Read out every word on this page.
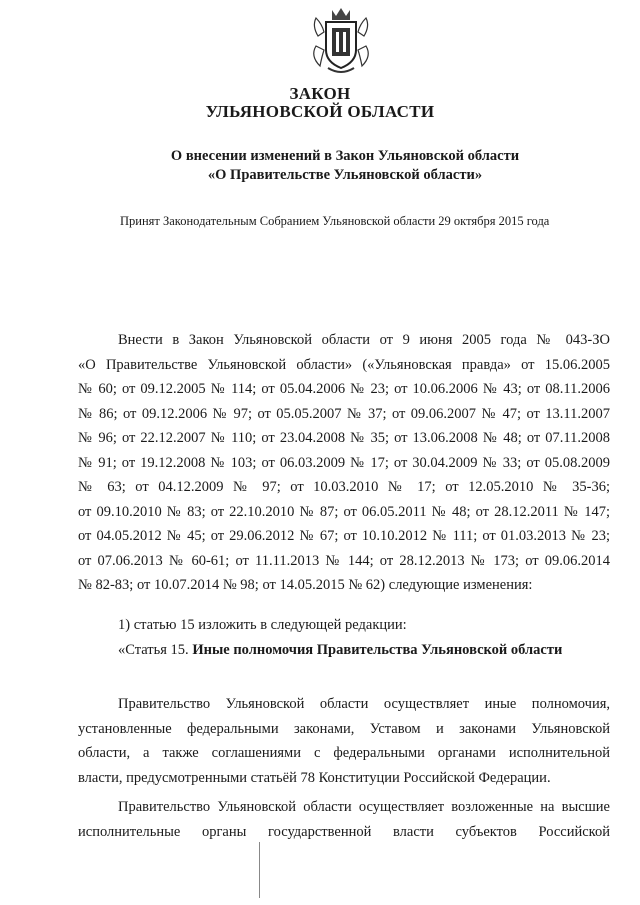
ЗАКОН
УЛЬЯНОВСКОЙ ОБЛАСТИ
О внесении изменений в Закон Ульяновской области
«О Правительстве Ульяновской области»
Принят Законодательным Собранием Ульяновской области 29 октября 2015 года
Внести в Закон Ульяновской области от 9 июня 2005 года № 043-ЗО
«О Правительстве Ульяновской области» («Ульяновская правда» от 15.06.2005
№ 60; от 09.12.2005 № 114; от 05.04.2006 № 23; от 10.06.2006 № 43; от 08.11.2006
№ 86; от 09.12.2006 № 97; от 05.05.2007 № 37; от 09.06.2007 № 47; от 13.11.2007
№ 96; от 22.12.2007 № 110; от 23.04.2008 № 35; от 13.06.2008 № 48; от 07.11.2008
№ 91; от 19.12.2008 № 103; от 06.03.2009 № 17; от 30.04.2009 № 33; от 05.08.2009
№ 63; от 04.12.2009 № 97; от 10.03.2010 № 17; от 12.05.2010 № 35-36;
от 09.10.2010 № 83; от 22.10.2010 № 87; от 06.05.2011 № 48; от 28.12.2011 № 147;
от 04.05.2012 № 45; от 29.06.2012 № 67; от 10.10.2012 № 111; от 01.03.2013 № 23;
от 07.06.2013 № 60-61; от 11.11.2013 № 144; от 28.12.2013 № 173; от 09.06.2014
№ 82-83; от 10.07.2014 № 98; от 14.05.2015 № 62) следующие изменения:
1) статью 15 изложить в следующей редакции:
«Статья 15. Иные полномочия Правительства Ульяновской области
Правительство Ульяновской области осуществляет иные полномочия,
установленные федеральными законами, Уставом и законами Ульяновской
области, а также соглашениями с федеральными органами исполнительной
власти, предусмотренными статьёй 78 Конституции Российской Федерации.
Правительство Ульяновской области осуществляет возложенные на высшие
исполнительные органы государственной власти субъектов Российской
